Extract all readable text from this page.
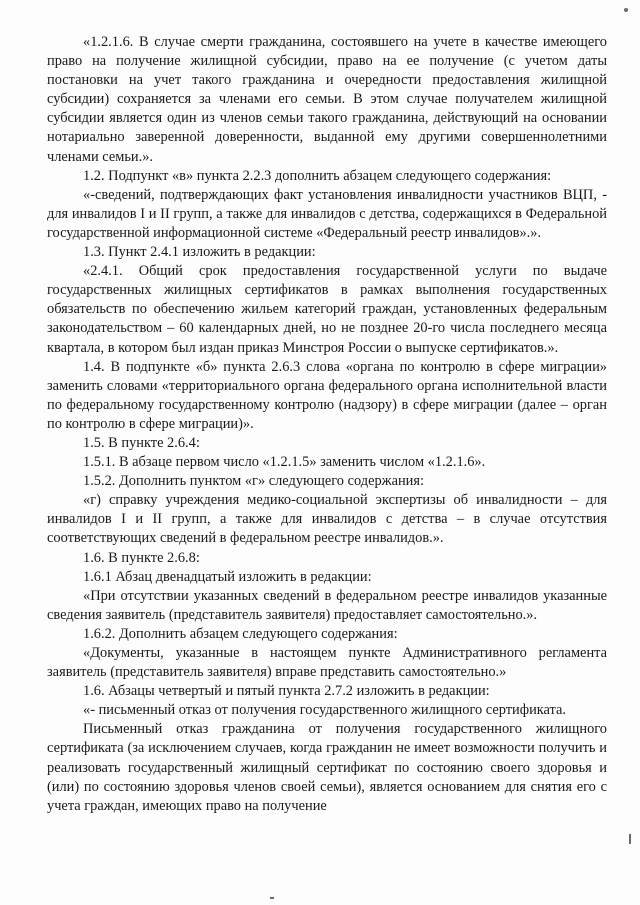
«1.2.1.6. В случае смерти гражданина, состоявшего на учете в качестве имеющего право на получение жилищной субсидии, право на ее получение (с учетом даты постановки на учет такого гражданина и очередности предоставления жилищной субсидии) сохраняется за членами его семьи. В этом случае получателем жилищной субсидии является один из членов семьи такого гражданина, действующий на основании нотариально заверенной доверенности, выданной ему другими совершеннолетними членами семьи.».

1.2. Подпункт «в» пункта 2.2.3 дополнить абзацем следующего содержания:

«-сведений, подтверждающих факт установления инвалидности участников ВЦП, - для инвалидов I и II групп, а также для инвалидов с детства, содержащихся в Федеральной государственной информационной системе «Федеральный реестр инвалидов».».

1.3. Пункт 2.4.1 изложить в редакции:

«2.4.1. Общий срок предоставления государственной услуги по выдаче государственных жилищных сертификатов в рамках выполнения государственных обязательств по обеспечению жильем категорий граждан, установленных федеральным законодательством – 60 календарных дней, но не позднее 20-го числа последнего месяца квартала, в котором был издан приказ Минстроя России о выпуске сертификатов.».

1.4. В подпункте «б» пункта 2.6.3 слова «органа по контролю в сфере миграции» заменить словами «территориального органа федерального органа исполнительной власти по федеральному государственному контролю (надзору) в сфере миграции (далее – орган по контролю в сфере миграции)».

1.5. В пункте 2.6.4:

1.5.1. В абзаце первом число «1.2.1.5» заменить числом «1.2.1.6».

1.5.2. Дополнить пунктом «г» следующего содержания:

«г) справку учреждения медико-социальной экспертизы об инвалидности – для инвалидов I и II групп, а также для инвалидов с детства – в случае отсутствия соответствующих сведений в федеральном реестре инвалидов.».

1.6. В пункте 2.6.8:

1.6.1 Абзац двенадцатый изложить в редакции:

«При отсутствии указанных сведений в федеральном реестре инвалидов указанные сведения заявитель (представитель заявителя) предоставляет самостоятельно.».

1.6.2. Дополнить абзацем следующего содержания:

«Документы, указанные в настоящем пункте Административного регламента заявитель (представитель заявителя) вправе представить самостоятельно.»

1.6. Абзацы четвертый и пятый пункта 2.7.2 изложить в редакции:

«- письменный отказ от получения государственного жилищного сертификата.

Письменный отказ гражданина от получения государственного жилищного сертификата (за исключением случаев, когда гражданин не имеет возможности получить и реализовать государственный жилищный сертификат по состоянию своего здоровья и (или) по состоянию здоровья членов своей семьи), является основанием для снятия его с учета граждан, имеющих право на получение
